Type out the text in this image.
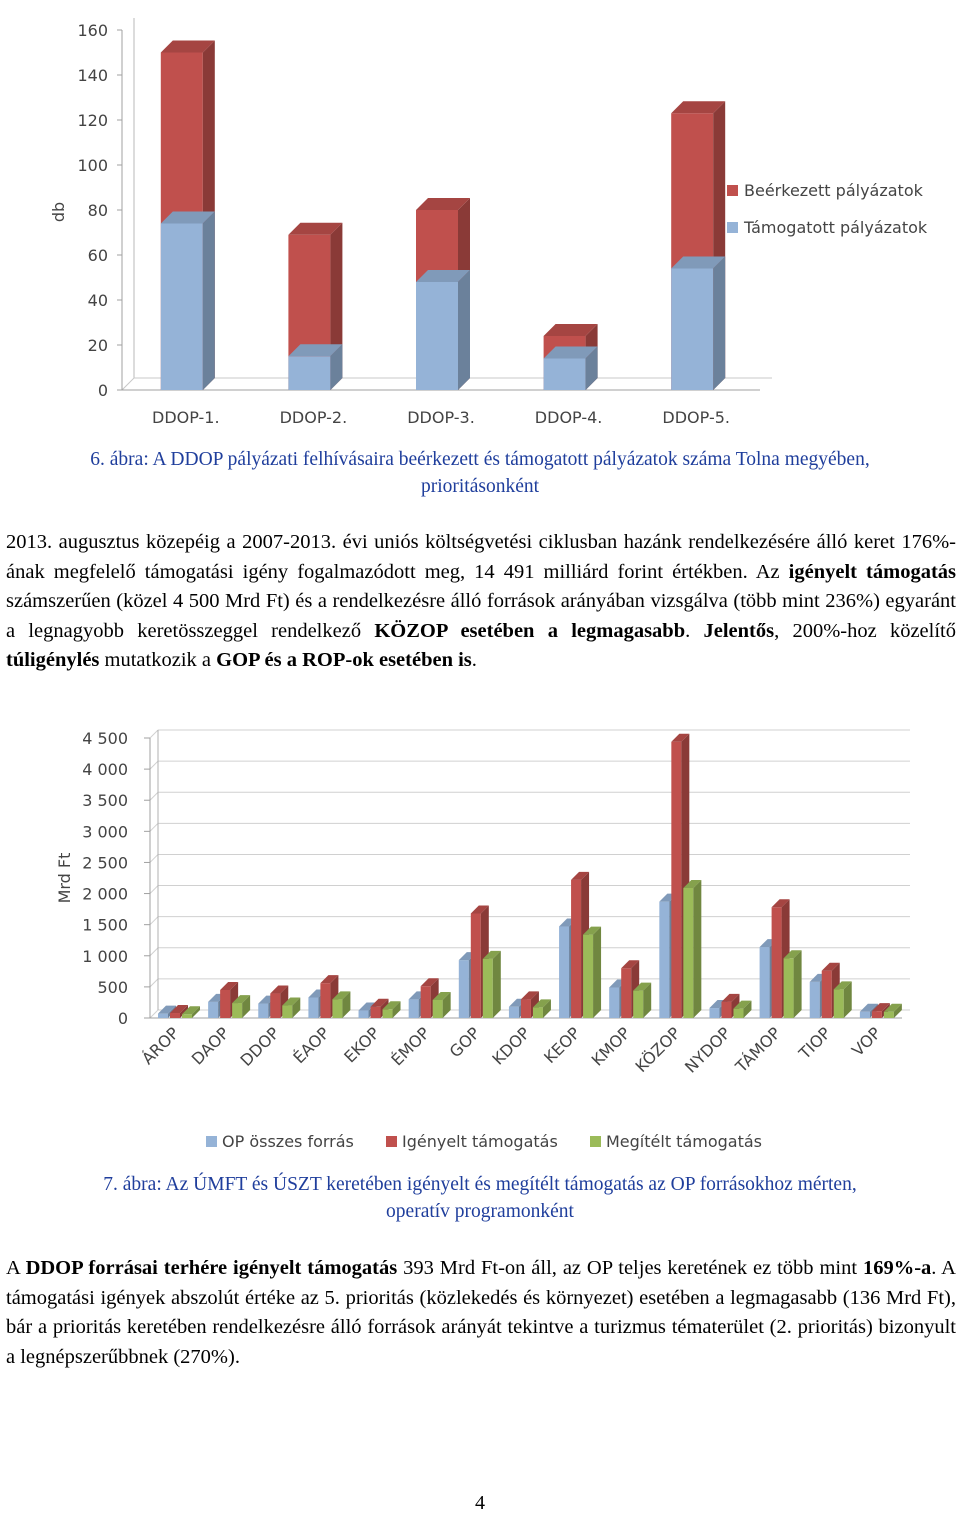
0
20
40
60
80
100
120
140
160
db
DDOP-1.	DDOP-2.	DDOP-3.	DDOP-4.	DDOP-5.
Beérkezett pályázatok
Támogatott pályázatok
6. ábra: A DDOP pályázati felhívásaira beérkezett és támogatott pályázatok száma Tolna megyében,
prioritásonként

2013. augusztus közepéig a 2007-2013. évi uniós költségvetési ciklusban hazánk rendelkezésére álló keret 176%-ának megfelelő támogatási igény fogalmazódott meg, 14 491 milliárd forint értékben. Az igényelt támogatás számszerűen (közel 4 500 Mrd Ft) és a rendelkezésre álló források arányában vizsgálva (több mint 236%) egyaránt a legnagyobb keretösszeggel rendelkező KÖZOP esetében a legmagasabb. Jelentős, 200%-hoz közelítő túligénylés mutatkozik a GOP és a ROP-ok esetében is.

0
500
1 000
1 500
2 000
2 500
3 000
3 500
4 000
4 500
Mrd Ft
ÁROP DAOP DDOP ÉAOP EKOP ÉMOP GOP KDOP KEOP KMOP
KÖZOP
NYDOP
TÁMOP TIOP VOP
OP összes forrás	Igényelt támogatás	Megítélt támogatás
7. ábra: Az ÚMFT és ÚSZT keretében igényelt és megítélt támogatás az OP forrásokhoz mérten,
operatív programonként

A DDOP forrásai terhére igényelt támogatás 393 Mrd Ft-on áll, az OP teljes keretének ez több mint 169%-a. A támogatási igények abszolút értéke az 5. prioritás (közlekedés és környezet) esetében a legmagasabb (136 Mrd Ft), bár a prioritás keretében rendelkezésre álló források arányát tekintve a turizmus tématerület (2. prioritás) bizonyult a legnépszerűbbnek (270%).

4
